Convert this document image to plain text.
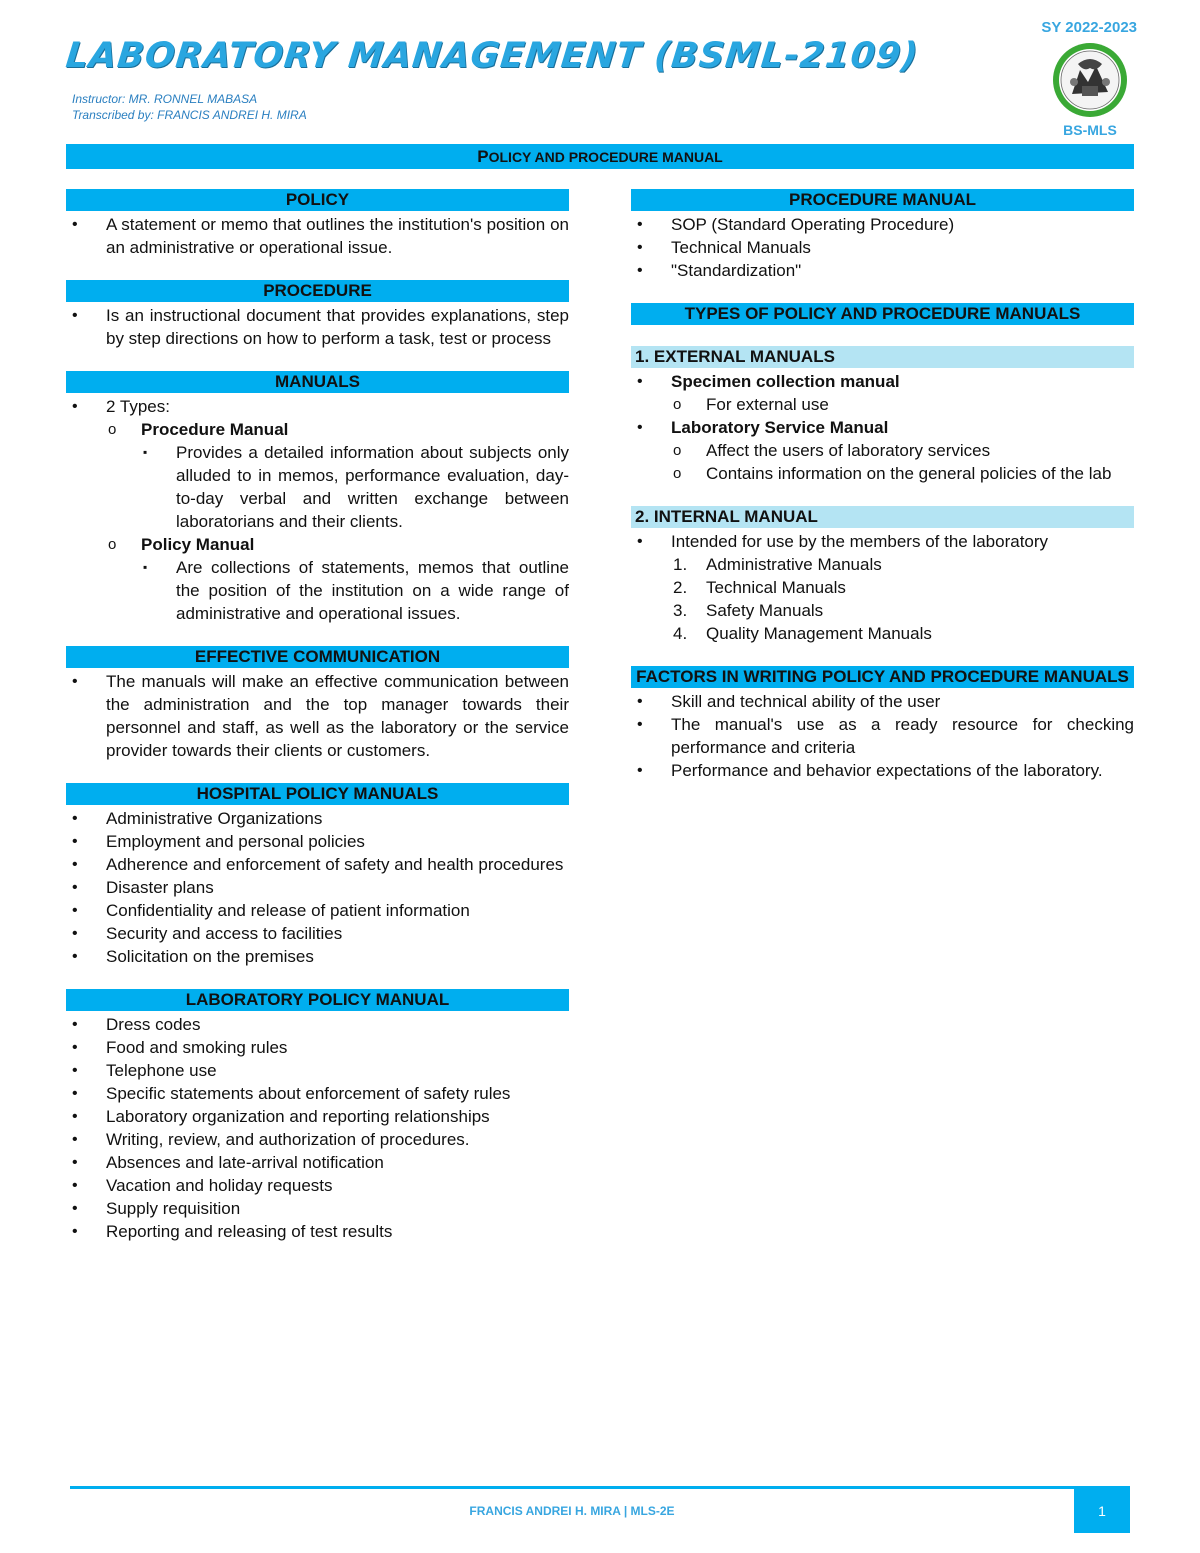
LABORATORY MANAGEMENT (BSML-2109)
Instructor: MR. RONNEL MABASA
Transcribed by: FRANCIS ANDREI H. MIRA
SY 2022-2023
BS-MLS
POLICY AND PROCEDURE MANUAL
POLICY
• A statement or memo that outlines the institution's position on an administrative or operational issue.
PROCEDURE
• Is an instructional document that provides explanations, step by step directions on how to perform a task, test or process
MANUALS
• 2 Types:
o Procedure Manual
▪ Provides a detailed information about subjects only alluded to in memos, performance evaluation, day-to-day verbal and written exchange between laboratorians and their clients.
o Policy Manual
▪ Are collections of statements, memos that outline the position of the institution on a wide range of administrative and operational issues.
EFFECTIVE COMMUNICATION
• The manuals will make an effective communication between the administration and the top manager towards their personnel and staff, as well as the laboratory or the service provider towards their clients or customers.
HOSPITAL POLICY MANUALS
• Administrative Organizations
• Employment and personal policies
• Adherence and enforcement of safety and health procedures
• Disaster plans
• Confidentiality and release of patient information
• Security and access to facilities
• Solicitation on the premises
LABORATORY POLICY MANUAL
• Dress codes
• Food and smoking rules
• Telephone use
• Specific statements about enforcement of safety rules
• Laboratory organization and reporting relationships
• Writing, review, and authorization of procedures.
• Absences and late-arrival notification
• Vacation and holiday requests
• Supply requisition
• Reporting and releasing of test results
PROCEDURE MANUAL
• SOP (Standard Operating Procedure)
• Technical Manuals
• "Standardization"
TYPES OF POLICY AND PROCEDURE MANUALS
1. EXTERNAL MANUALS
• Specimen collection manual
o For external use
• Laboratory Service Manual
o Affect the users of laboratory services
o Contains information on the general policies of the lab
2. INTERNAL MANUAL
• Intended for use by the members of the laboratory
1. Administrative Manuals
2. Technical Manuals
3. Safety Manuals
4. Quality Management Manuals
FACTORS IN WRITING POLICY AND PROCEDURE MANUALS
• Skill and technical ability of the user
• The manual's use as a ready resource for checking performance and criteria
• Performance and behavior expectations of the laboratory.
FRANCIS ANDREI H. MIRA | MLS-2E	1
